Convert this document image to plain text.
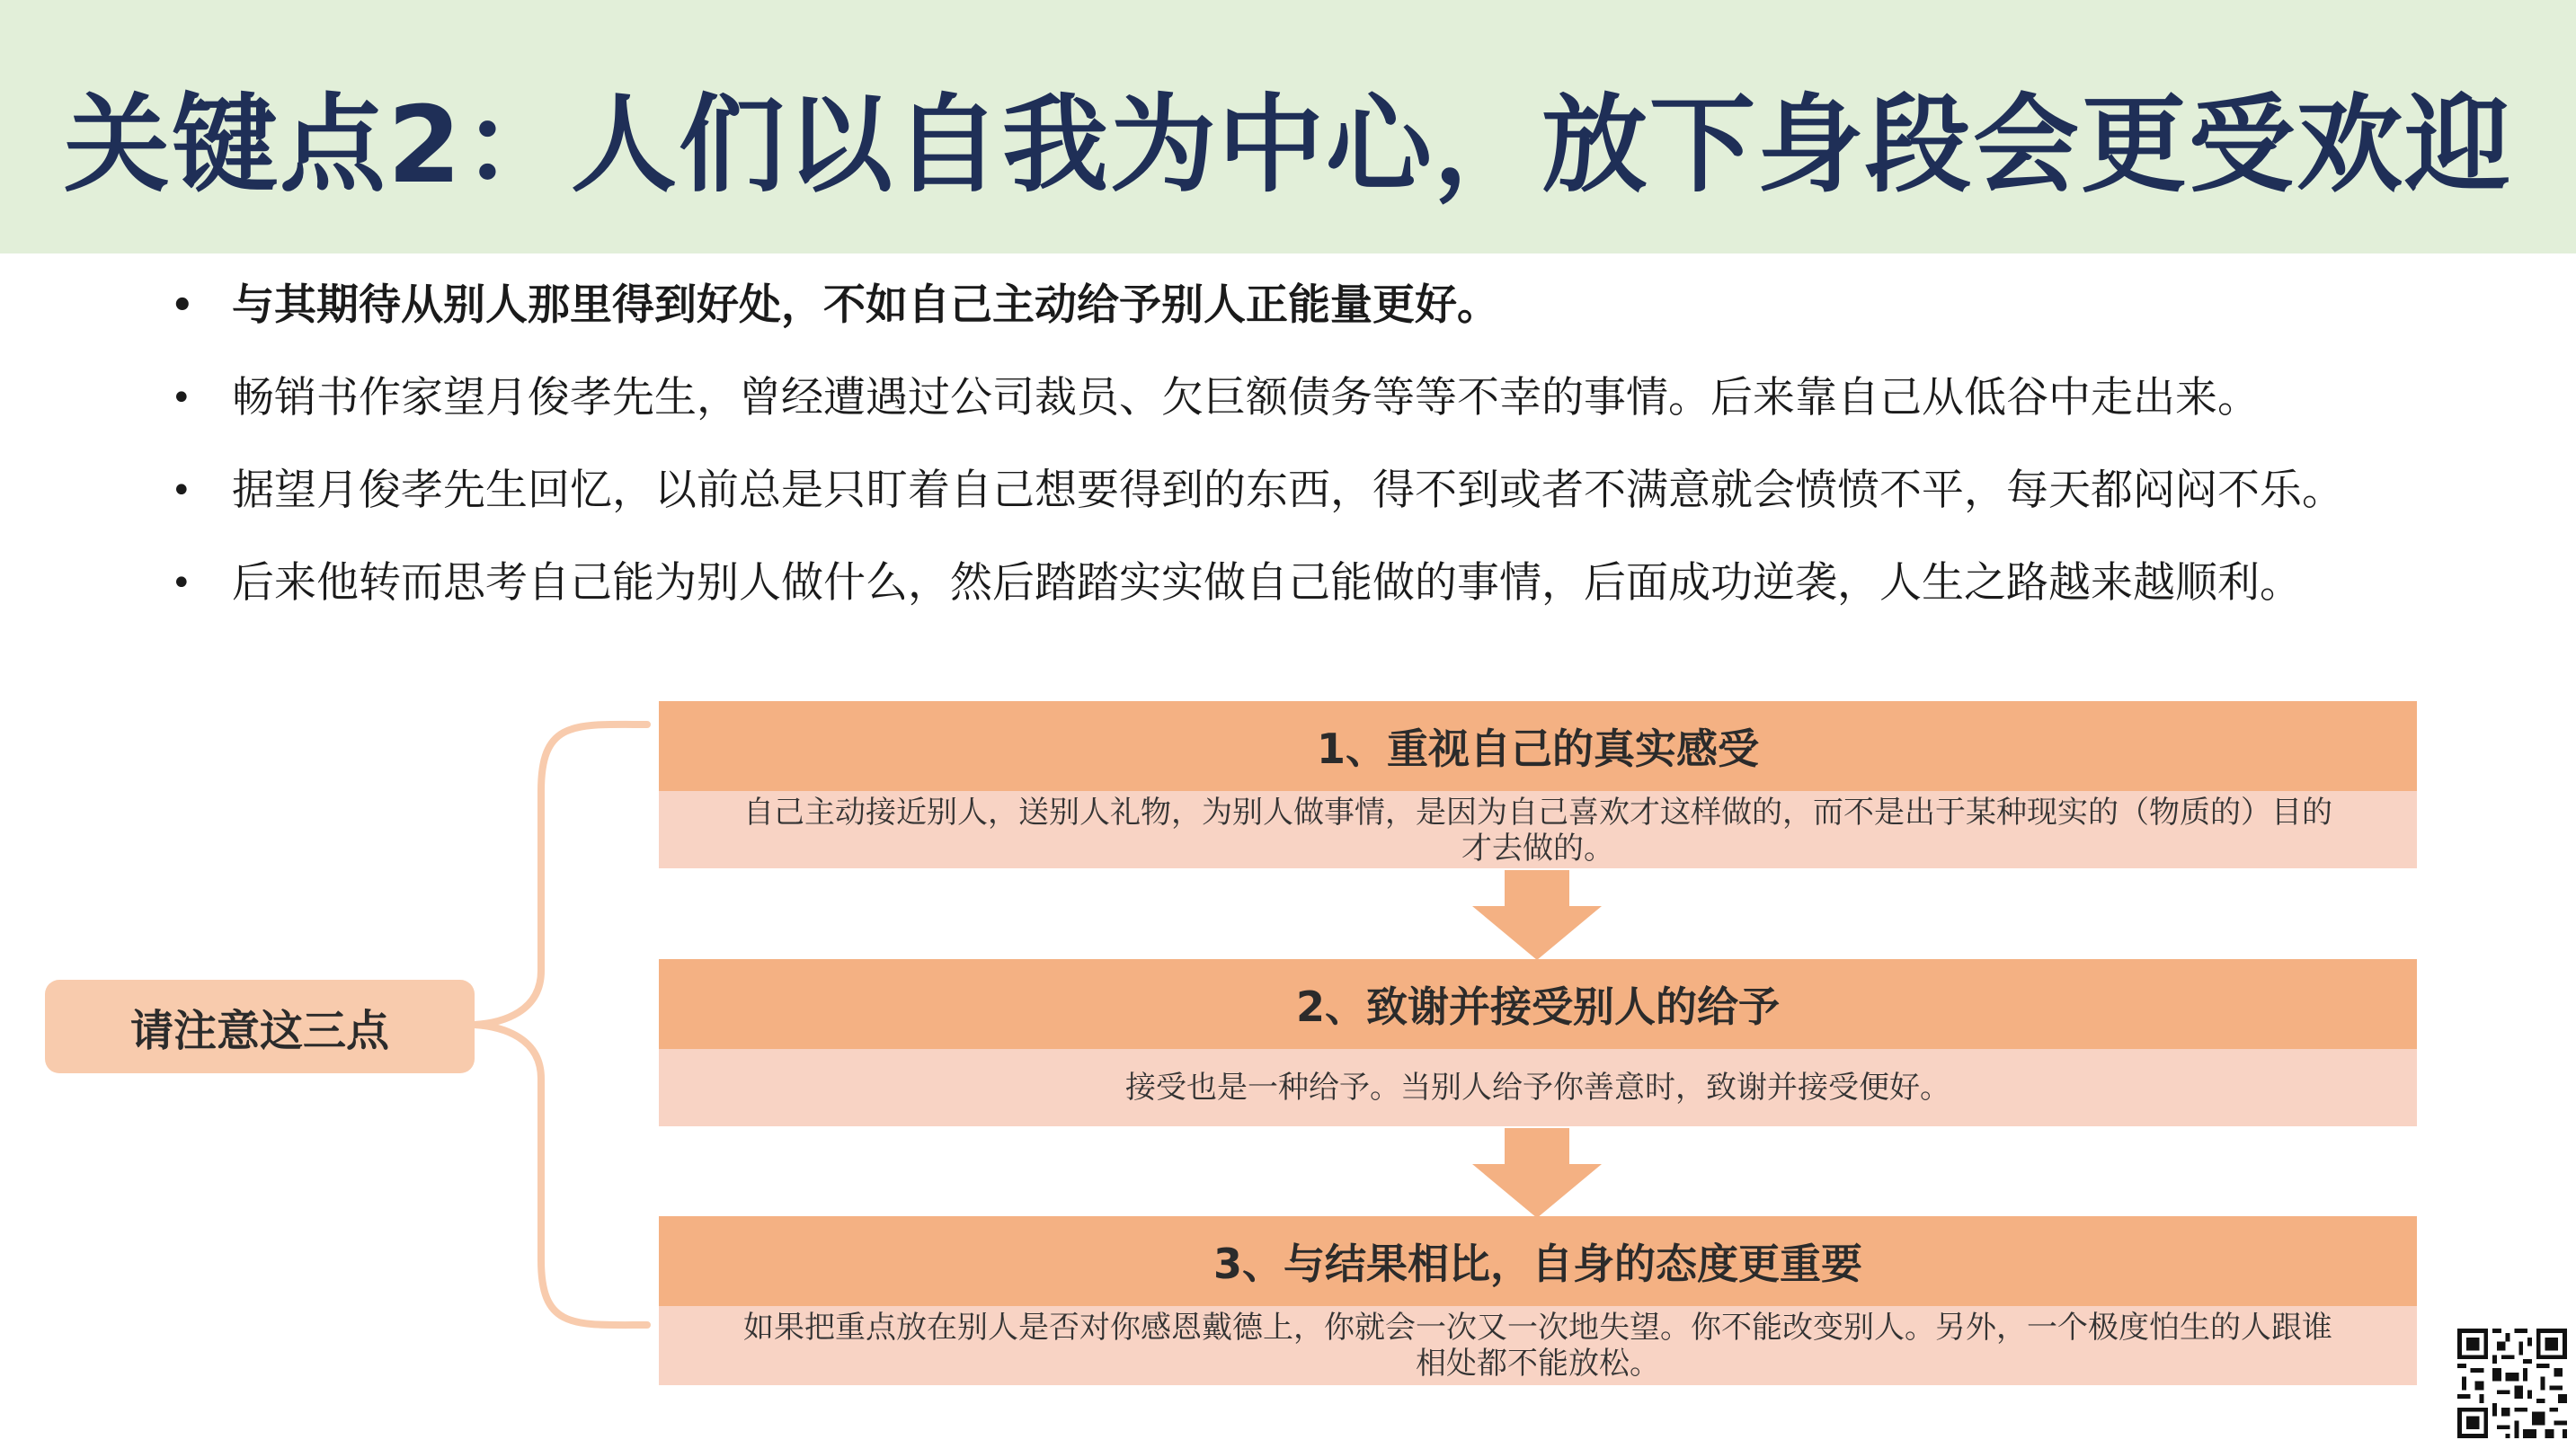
关键点2：人们以自我为中心，放下身段会更受欢迎
• 与其期待从别人那里得到好处，不如自己主动给予别人正能量更好。
• 畅销书作家望月俊孝先生，曾经遭遇过公司裁员、欠巨额债务等等不幸的事情。后来靠自己从低谷中走出来。
• 据望月俊孝先生回忆，以前总是只盯着自己想要得到的东西，得不到或者不满意就会愤愤不平，每天都闷闷不乐。
• 后来他转而思考自己能为别人做什么，然后踏踏实实做自己能做的事情，后面成功逆袭，人生之路越来越顺利。
请注意这三点
1、重视自己的真实感受
自己主动接近别人，送别人礼物，为别人做事情，是因为自己喜欢才这样做的，而不是出于某种现实的（物质的）目的
才去做的。
2、致谢并接受别人的给予
接受也是一种给予。当别人给予你善意时，致谢并接受便好。
3、与结果相比，自身的态度更重要
如果把重点放在别人是否对你感恩戴德上，你就会一次又一次地失望。你不能改变别人。另外，一个极度怕生的人跟谁
相处都不能放松。
